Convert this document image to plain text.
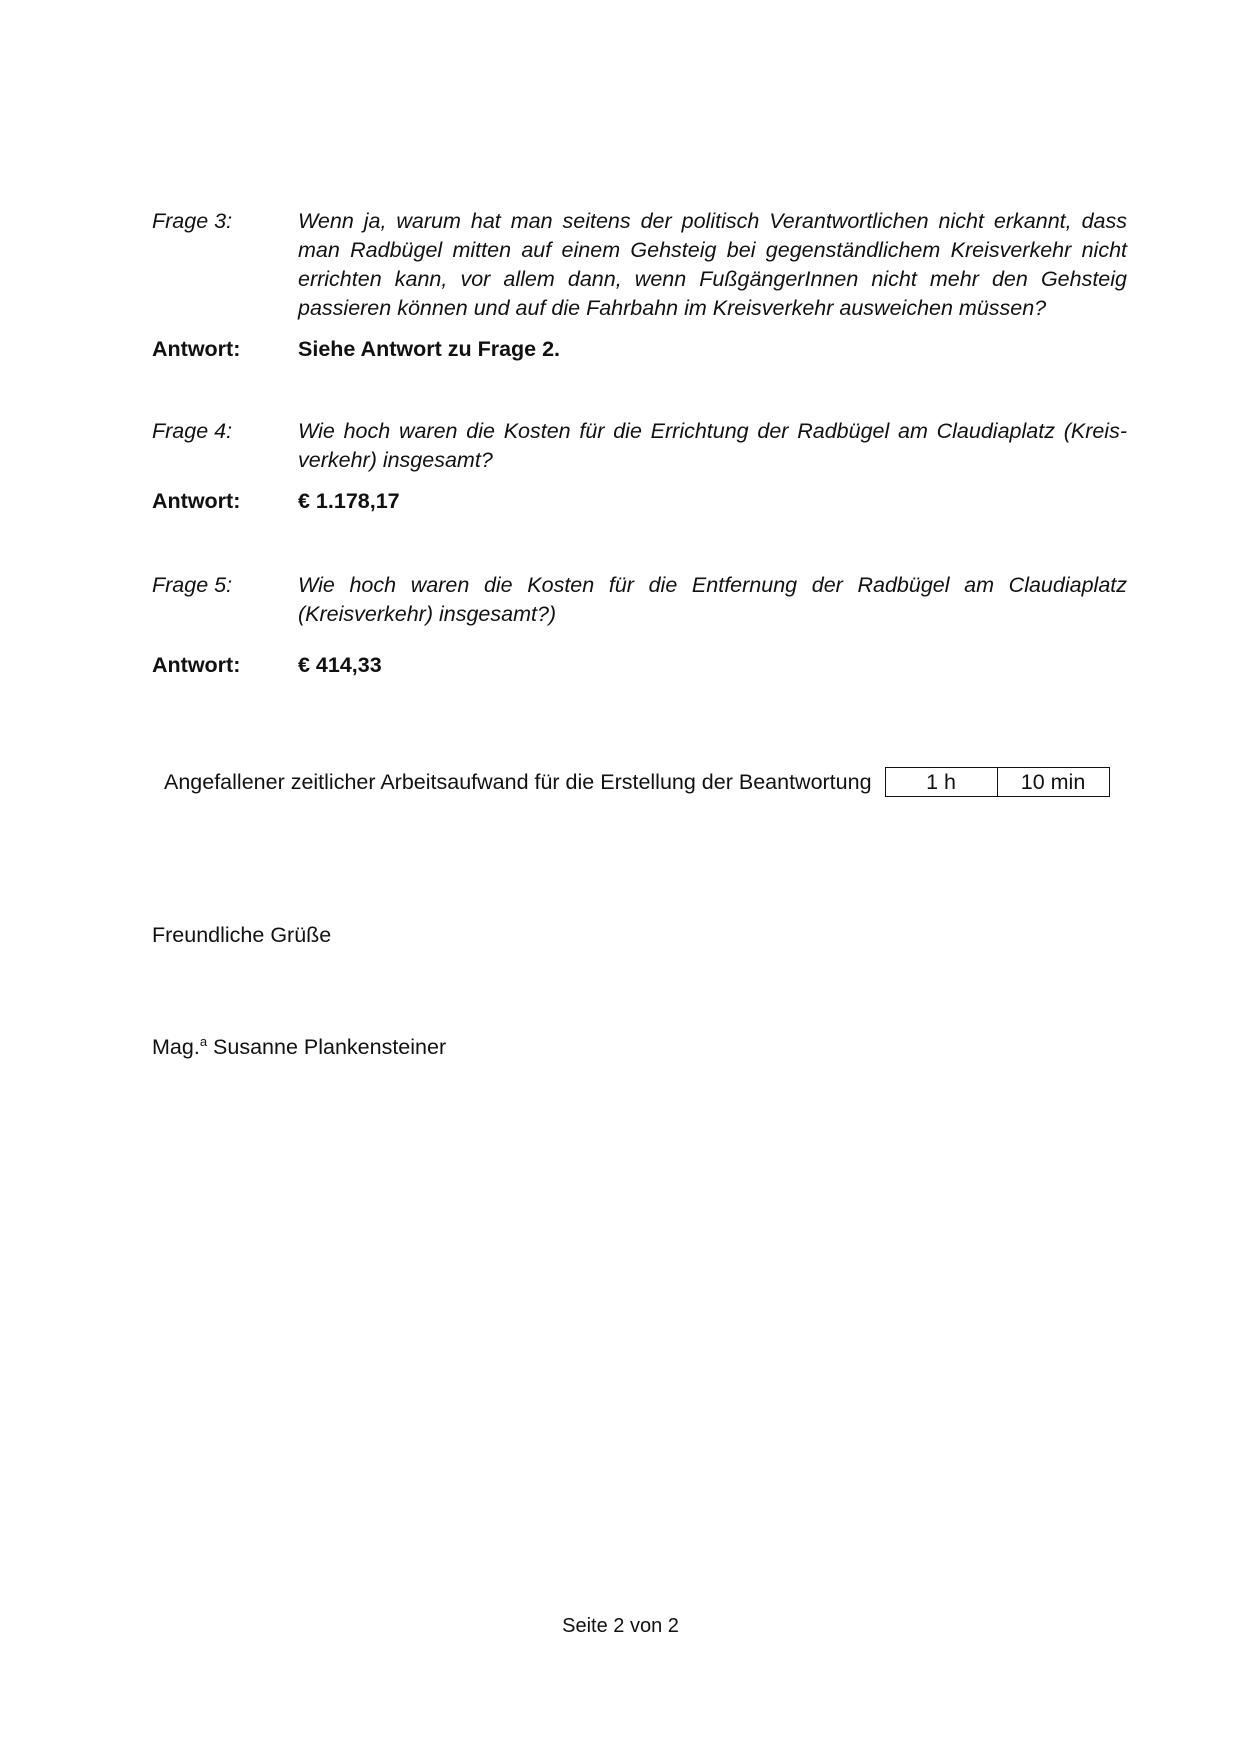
Frage 3:	Wenn ja, warum hat man seitens der politisch Verantwortlichen nicht erkannt, dass man Radbügel mitten auf einem Gehsteig bei gegenständlichem Kreisverkehr nicht errichten kann, vor allem dann, wenn FußgängerInnen nicht mehr den Gehsteig passieren können und auf die Fahrbahn im Kreisverkehr ausweichen müssen?
Antwort:	Siehe Antwort zu Frage 2.
Frage 4:	Wie hoch waren die Kosten für die Errichtung der Radbügel am Claudiaplatz (Kreis-verkehr) insgesamt?
Antwort:	€ 1.178,17
Frage 5:	Wie hoch waren die Kosten für die Entfernung der Radbügel am Claudiaplatz (Kreisverkehr) insgesamt?)
Antwort:	€ 414,33
Angefallener zeitlicher Arbeitsaufwand für die Erstellung der Beantwortung	1 h	10 min
Freundliche Grüße
Mag.$^a$ Susanne Plankensteiner
Seite 2 von 2
